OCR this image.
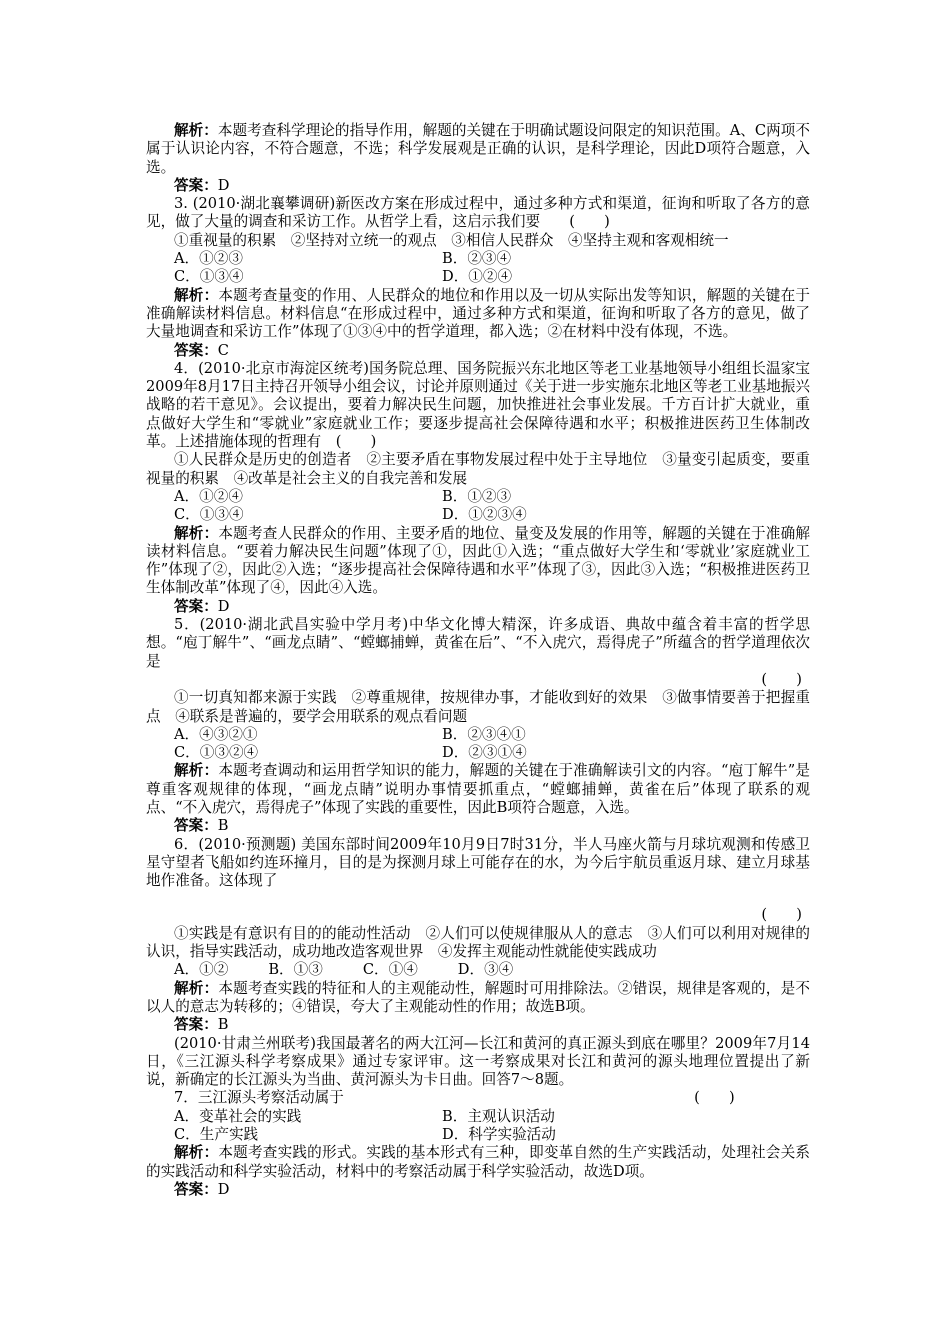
解析：本题考查科学理论的指导作用，解题的关键在于明确试题设问限定的知识范围。A、C两项不属于认识论内容，不符合题意，不选；科学发展观是正确的认识，是科学理论，因此D项符合题意，入选。

答案：D

3. (2010·湖北襄攀调研)新医改方案在形成过程中，通过多种方式和渠道，征询和听取了各方的意见，做了大量的调查和采访工作。从哲学上看，这启示我们要　　(　　)

①重视量的积累　②坚持对立统一的观点　③相信人民群众　④坚持主观和客观相统一

A．①②③	B．②③④
C．①③④	D．①②④

解析：本题考查量变的作用、人民群众的地位和作用以及一切从实际出发等知识，解题的关键在于准确解读材料信息。材料信息“在形成过程中，通过多种方式和渠道，征询和听取了各方的意见，做了大量地调查和采访工作”体现了①③④中的哲学道理，都入选；②在材料中没有体现，不选。

答案：C

4．(2010·北京市海淀区统考)国务院总理、国务院振兴东北地区等老工业基地领导小组组长温家宝2009年8月17日主持召开领导小组会议，讨论并原则通过《关于进一步实施东北地区等老工业基地振兴战略的若干意见》。会议提出，要着力解决民生问题，加快推进社会事业发展。千方百计扩大就业，重点做好大学生和“零就业”家庭就业工作；要逐步提高社会保障待遇和水平；积极推进医药卫生体制改革。上述措施体现的哲理有　(　　)

①人民群众是历史的创造者　②主要矛盾在事物发展过程中处于主导地位　③量变引起质变，要重视量的积累　④改革是社会主义的自我完善和发展

A．①②④	B．①②③
C．①③④	D．①②③④

解析：本题考查人民群众的作用、主要矛盾的地位、量变及发展的作用等，解题的关键在于准确解读材料信息。“要着力解决民生问题”体现了①，因此①入选；“重点做好大学生和‘零就业’家庭就业工作”体现了②，因此②入选；“逐步提高社会保障待遇和水平”体现了③，因此③入选；“积极推进医药卫生体制改革”体现了④，因此④入选。

答案：D

5．(2010·湖北武昌实验中学月考)中华文化博大精深，许多成语、典故中蕴含着丰富的哲学思想。“庖丁解牛”、“画龙点睛”、“螳螂捕蝉，黄雀在后”、“不入虎穴，焉得虎子”所蕴含的哲学道理依次是

(　　)

①一切真知都来源于实践　②尊重规律，按规律办事，才能收到好的效果　③做事情要善于把握重点　④联系是普遍的，要学会用联系的观点看问题

A．④③②①	B．②③④①
C．①③②④	D．②③①④

解析：本题考查调动和运用哲学知识的能力，解题的关键在于准确解读引文的内容。“庖丁解牛”是尊重客观规律的体现，“画龙点睛”说明办事情要抓重点，“螳螂捕蝉，黄雀在后”体现了联系的观点、“不入虎穴，焉得虎子”体现了实践的重要性，因此B项符合题意，入选。

答案：B

6．(2010·预测题) 美国东部时间2009年10月9日7时31分，半人马座火箭与月球坑观测和传感卫星守望者飞船如约连环撞月，目的是为探测月球上可能存在的水，为今后宇航员重返月球、建立月球基地作准备。这体现了

(　　)

①实践是有意识有目的的能动性活动　②人们可以使规律服从人的意志　③人们可以利用对规律的认识，指导实践活动，成功地改造客观世界　④发挥主观能动性就能使实践成功

A．①②	B．①③	C．①④	D．③④

解析：本题考查实践的特征和人的主观能动性，解题时可用排除法。②错误，规律是客观的，是不以人的意志为转移的；④错误，夸大了主观能动性的作用；故选B项。

答案：B

(2010·甘肃兰州联考)我国最著名的两大江河—长江和黄河的真正源头到底在哪里？2009年7月14日，《三江源头科学考察成果》通过专家评审。这一考察成果对长江和黄河的源头地理位置提出了新说，新确定的长江源头为当曲、黄河源头为卡日曲。回答7～8题。

7．三江源头考察活动属于　　　　　　　　　　　　　　　　　　　　　　　　(　　)

A．变革社会的实践	B．主观认识活动
C．生产实践	D．科学实验活动

解析：本题考查实践的形式。实践的基本形式有三种，即变革自然的生产实践活动，处理社会关系的实践活动和科学实验活动，材料中的考察活动属于科学实验活动，故选D项。

答案：D
